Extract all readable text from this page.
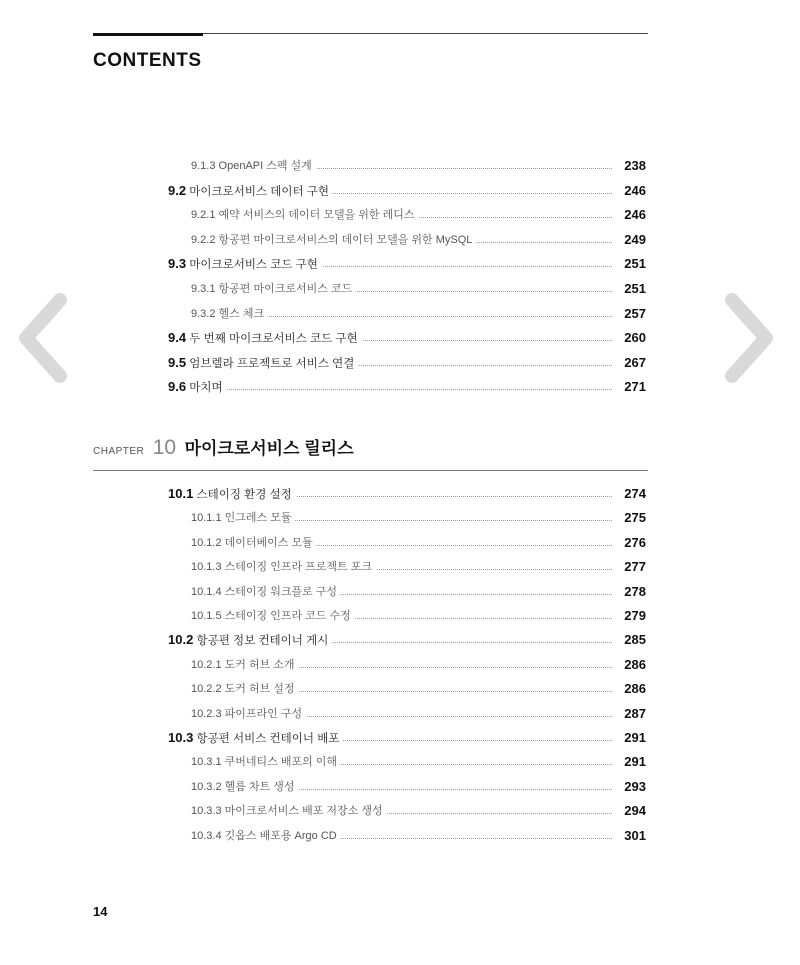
CONTENTS
9.1.3 OpenAPI 스펙 설계	238
9.2 마이크로서비스 데이터 구현	246
9.2.1 예약 서비스의 데이터 모델을 위한 레디스	246
9.2.2 항공편 마이크로서비스의 데이터 모델을 위한 MySQL	249
9.3 마이크로서비스 코드 구현	251
9.3.1 항공편 마이크로서비스 코드	251
9.3.2 헬스 체크	257
9.4 두 번째 마이크로서비스 코드 구현	260
9.5 엄브렐라 프로젝트로 서비스 연결	267
9.6 마치며	271
CHAPTER 10 마이크로서비스 릴리스
10.1 스테이징 환경 설정	274
10.1.1 인그레스 모듈	275
10.1.2 데이터베이스 모듈	276
10.1.3 스테이징 인프라 프로젝트 포크	277
10.1.4 스테이징 워크플로 구성	278
10.1.5 스테이징 인프라 코드 수정	279
10.2 항공편 정보 컨테이너 게시	285
10.2.1 도커 허브 소개	286
10.2.2 도커 허브 설정	286
10.2.3 파이프라인 구성	287
10.3 항공편 서비스 컨테이너 배포	291
10.3.1 쿠버네티스 배포의 이해	291
10.3.2 헬름 차트 생성	293
10.3.3 마이크로서비스 배포 저장소 생성	294
10.3.4 깃옵스 배포용 Argo CD	301
14
